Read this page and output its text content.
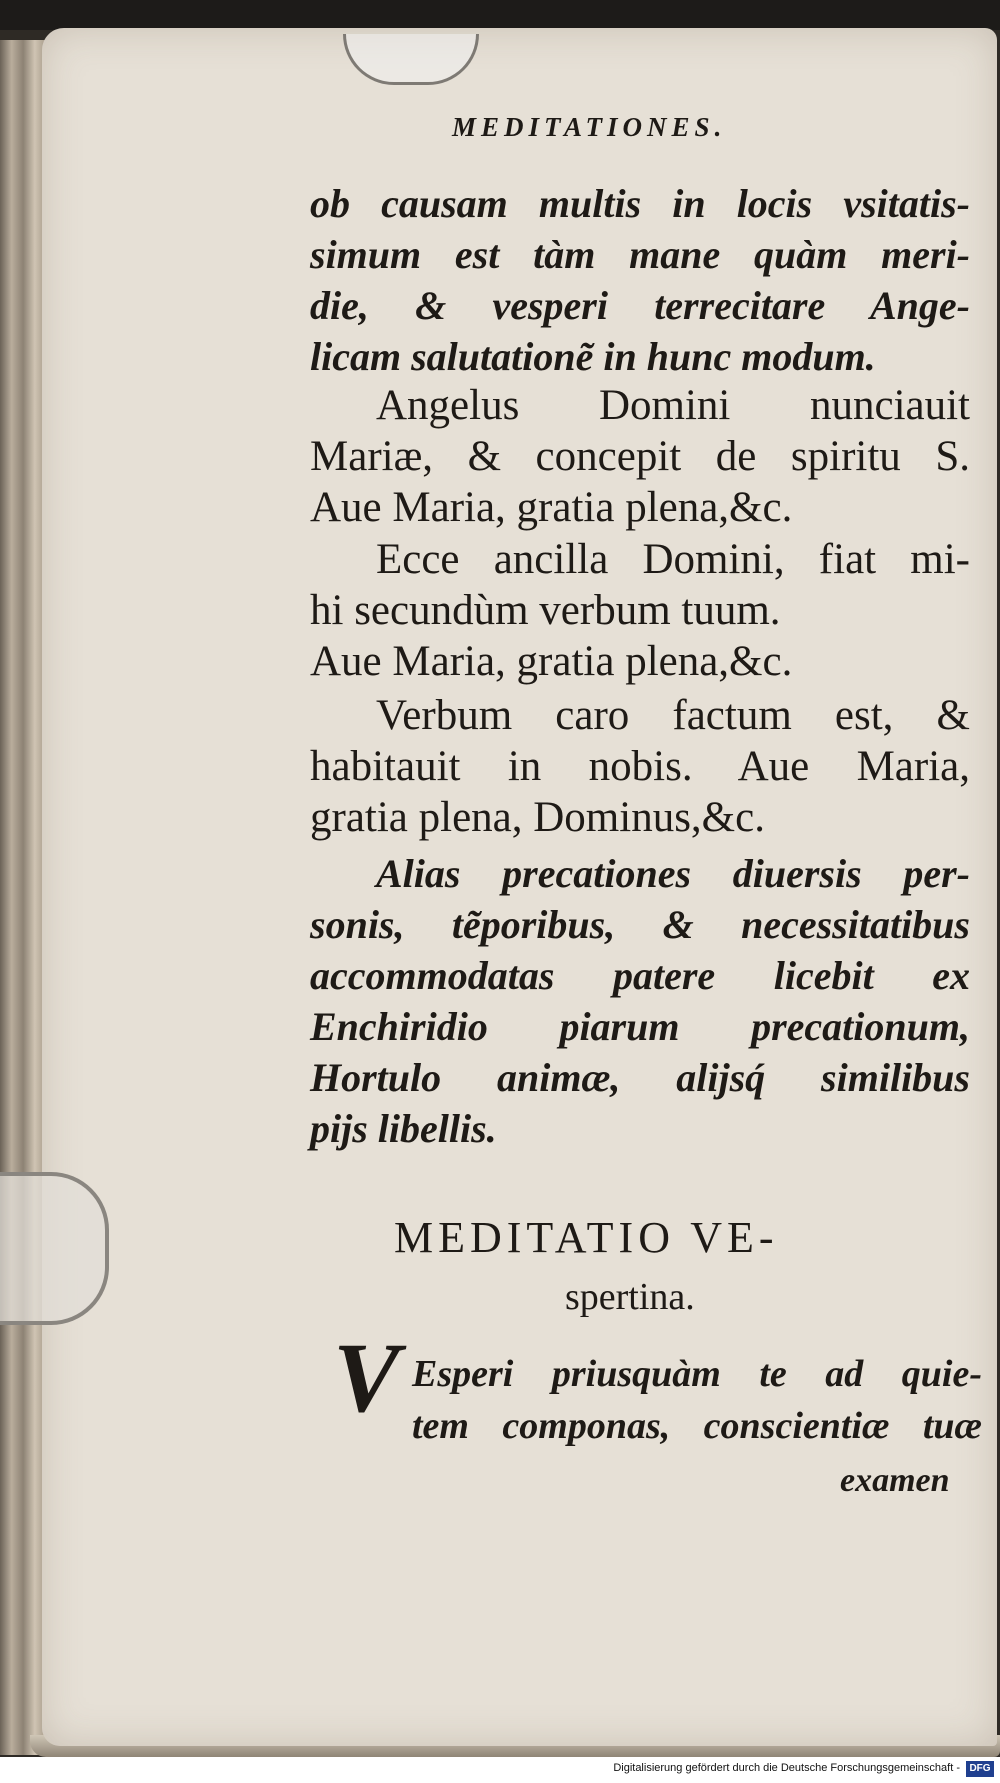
MEDITATIONES.
ob causam multis in locis vsitatis-
simum est tàm mane quàm meri-
die, & vesperi terrecitare Ange-
licam salutationẽ in hunc modum.
Angelus Domini nunciauit
Mariæ, & concepit de spiritu S.
Aue Maria, gratia plena,&c.
Ecce ancilla Domini, fiat mi-
hi secundùm verbum tuum.
Aue Maria, gratia plena,&c.
Verbum caro factum est, &
habitauit in nobis. Aue Maria,
gratia plena, Dominus,&c.
Alias precationes diuersis per-
sonis, tẽporibus, & necessitatibus
accommodatas patere licebit ex
Enchiridio piarum precationum,
Hortulo animæ, alijsq́ similibus
pijs libellis.
MEDITATIO VE-
spertina.
V Esperi priusquàm te ad quie-
tem componas, conscientiæ tuæ
examen
Digitalisierung gefördert durch die Deutsche Forschungsgemeinschaft - DFG
